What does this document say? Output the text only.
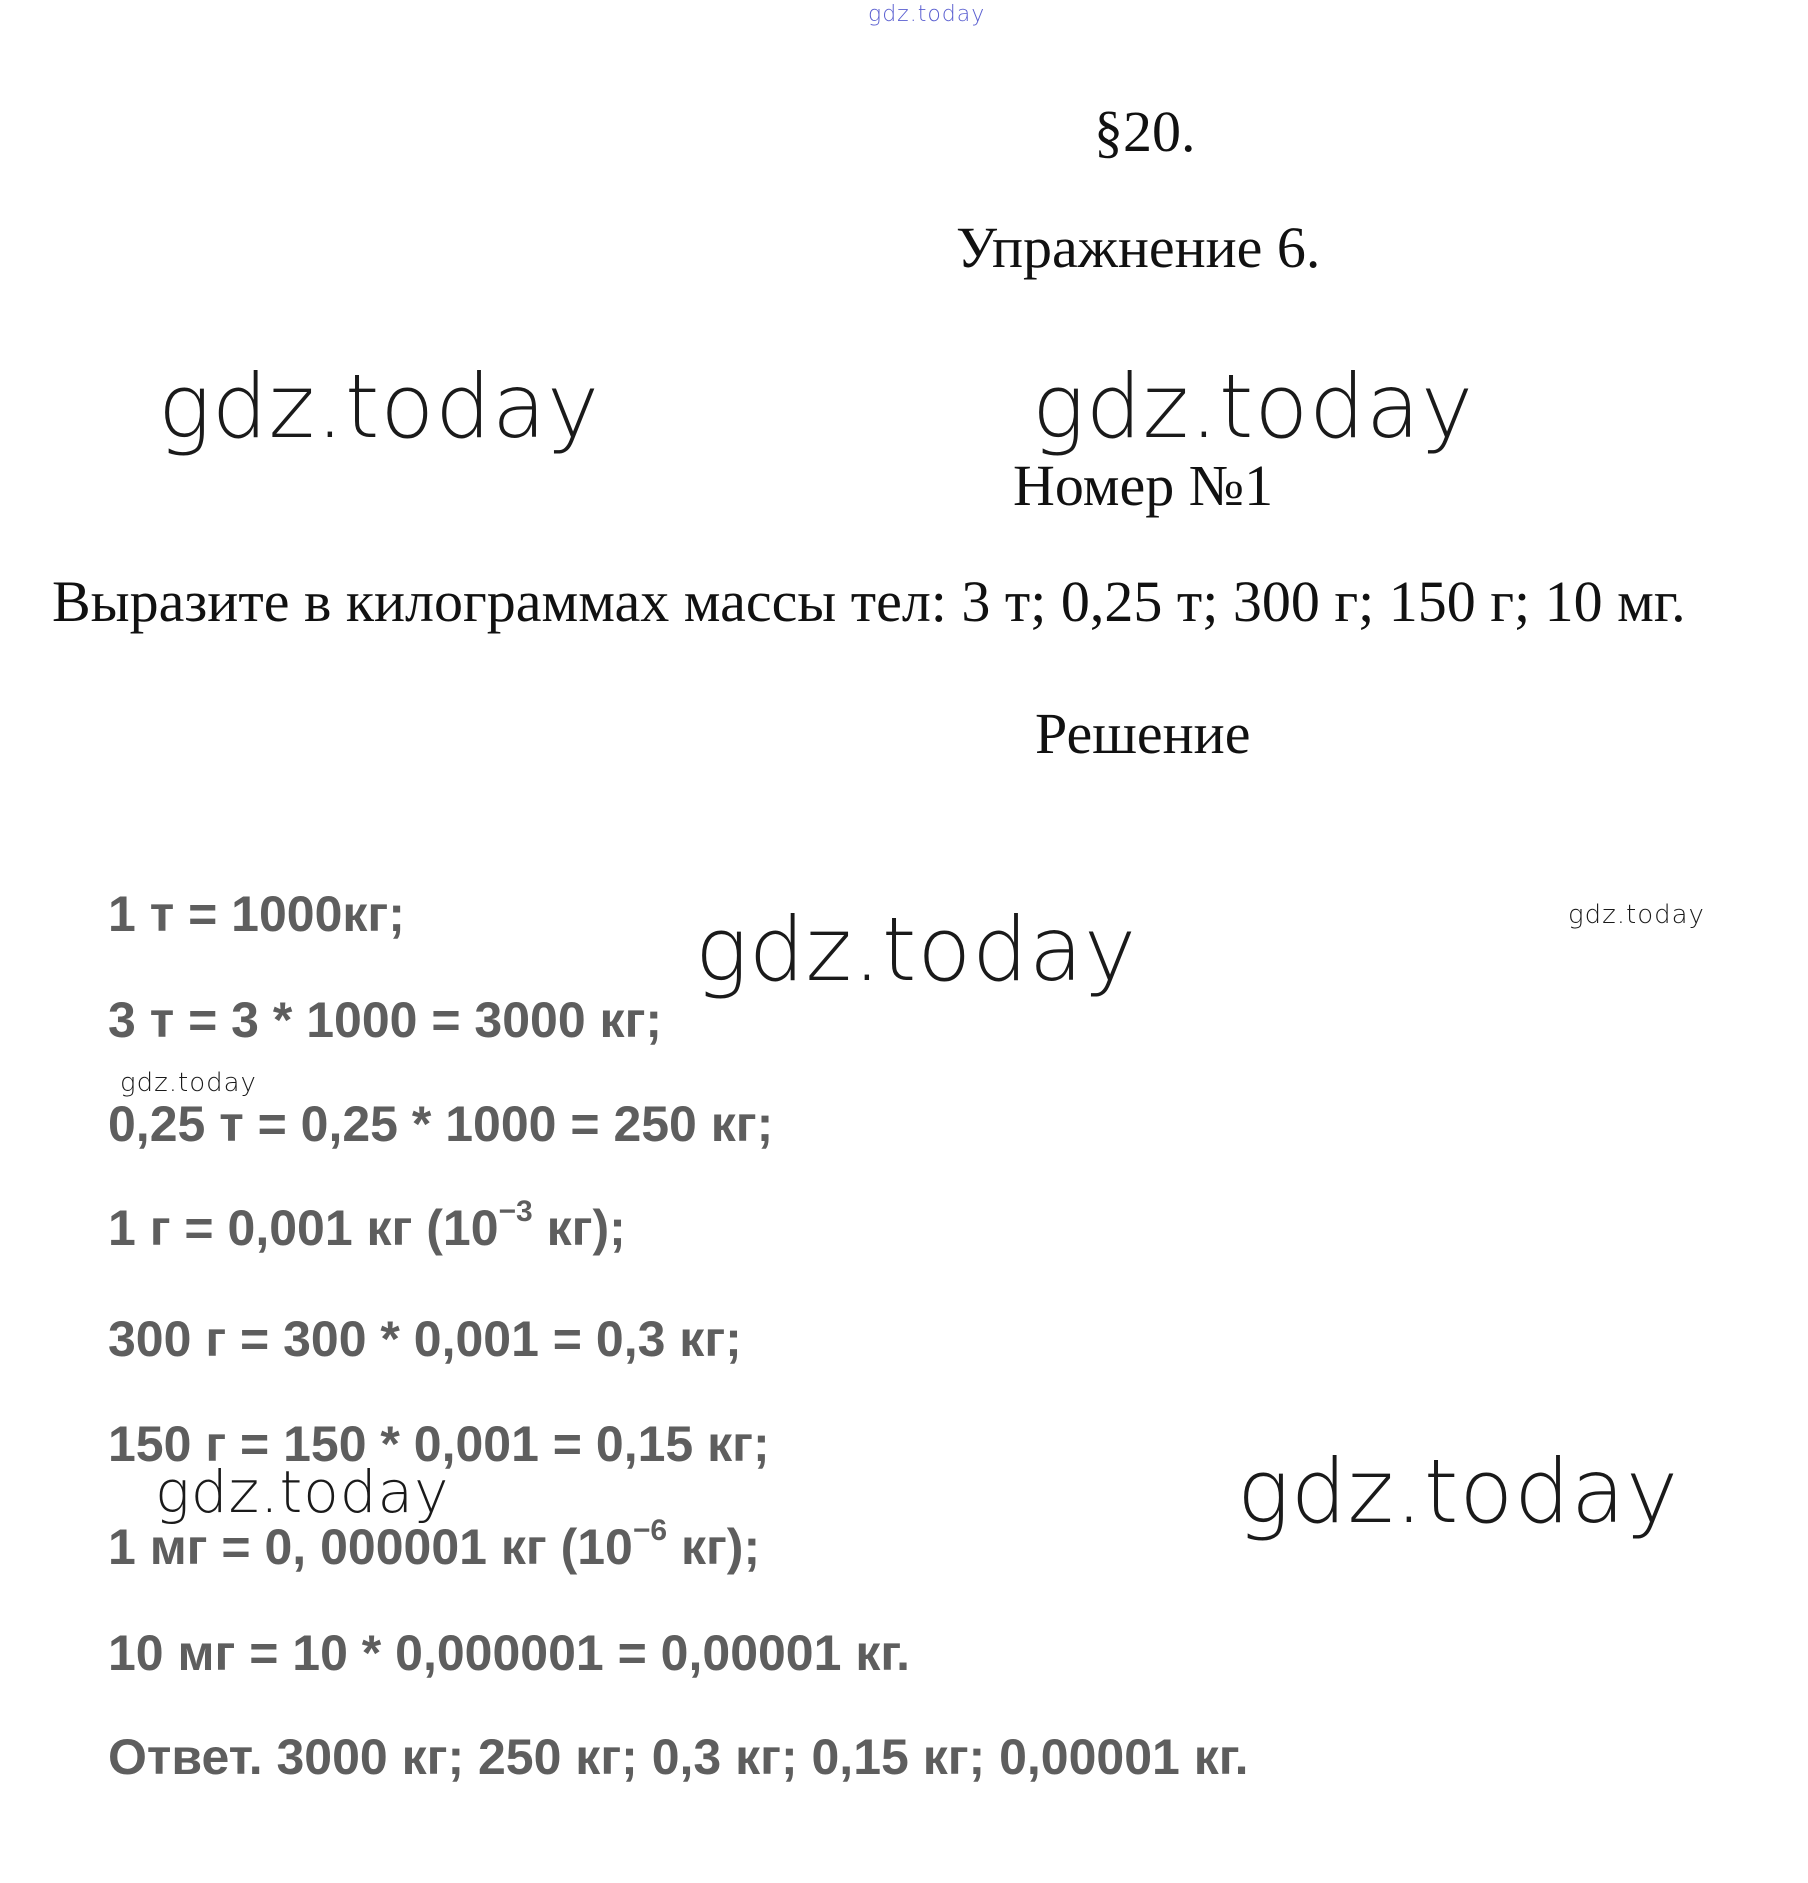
gdz.today
§20.
Упражнение 6.
gdz.today	gdz.today
Номер №1
Выразите в килограммах массы тел: 3 т; 0,25 т; 300 г; 150 г; 10 мг.
Решение
1 т = 1000кг;
3 т = 3 * 1000 = 3000 кг;
0,25 т = 0,25 * 1000 = 250 кг;
1 г = 0,001 кг ($10^{-3}$ кг);
300 г = 300 * 0,001 = 0,3 кг;
150 г = 150 * 0,001 = 0,15 кг;
1 мг = 0, 000001 кг ($10^{-6}$ кг);
10 мг = 10 * 0,000001 = 0,00001 кг.
Ответ. 3000 кг; 250 кг; 0,3 кг; 0,15 кг; 0,00001 кг.
gdz.today	gdz.today
gdz.today
gdz.today	gdz.today
